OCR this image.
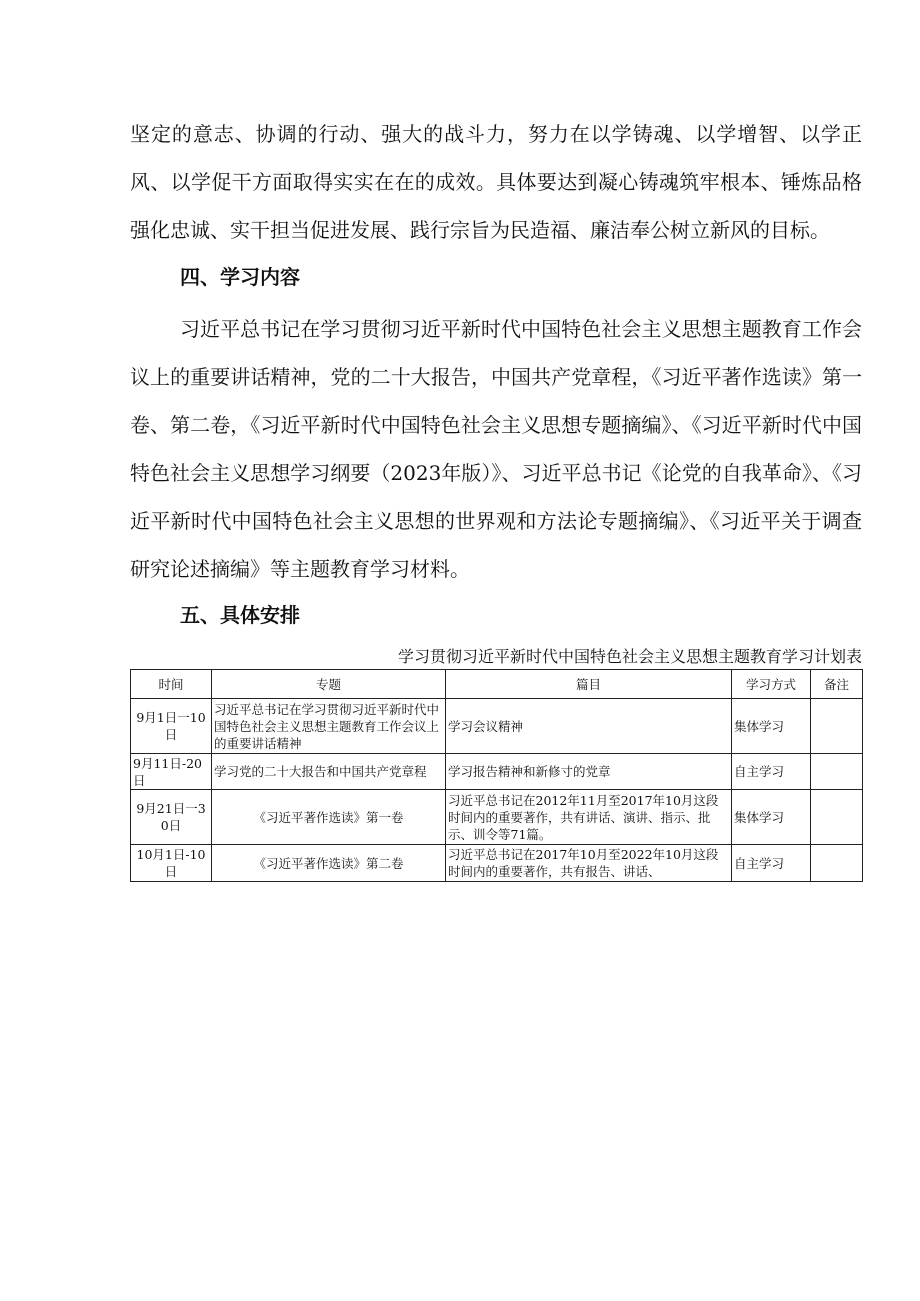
坚定的意志、协调的行动、强大的战斗力，努力在以学铸魂、以学增智、以学正风、以学促干方面取得实实在在的成效。具体要达到凝心铸魂筑牢根本、锤炼品格强化忠诚、实干担当促进发展、践行宗旨为民造福、廉洁奉公树立新风的目标。

四、学习内容

习近平总书记在学习贯彻习近平新时代中国特色社会主义思想主题教育工作会议上的重要讲话精神，党的二十大报告，中国共产党章程，《习近平著作选读》第一卷、第二卷，《习近平新时代中国特色社会主义思想专题摘编》、《习近平新时代中国特色社会主义思想学习纲要（2023年版）》、习近平总书记《论党的自我革命》、《习近平新时代中国特色社会主义思想的世界观和方法论专题摘编》、《习近平关于调查研究论述摘编》等主题教育学习材料。

五、具体安排

学习贯彻习近平新时代中国特色社会主义思想主题教育学习计划表

时间	专题	篇目	学习方式	备注
9月1日一10日	习近平总书记在学习贯彻习近平新时代中国特色社会主义思想主题教育工作会议上的重要讲话精神	学习会议精神	集体学习	
9月11日-20日	学习党的二十大报告和中国共产党章程	学习报告精神和新修寸的党章	自主学习	
9月21日一30日	《习近平著作选读》第一卷	习近平总书记在2012年11月至2017年10月这段时间内的重要著作，共有讲话、演讲、指示、批示、训令等71篇。	集体学习	
10月1日-10日	《习近平著作选读》第二卷	习近平总书记在2017年10月至2022年10月这段时间内的重要著作，共有报告、讲话、	自主学习	
